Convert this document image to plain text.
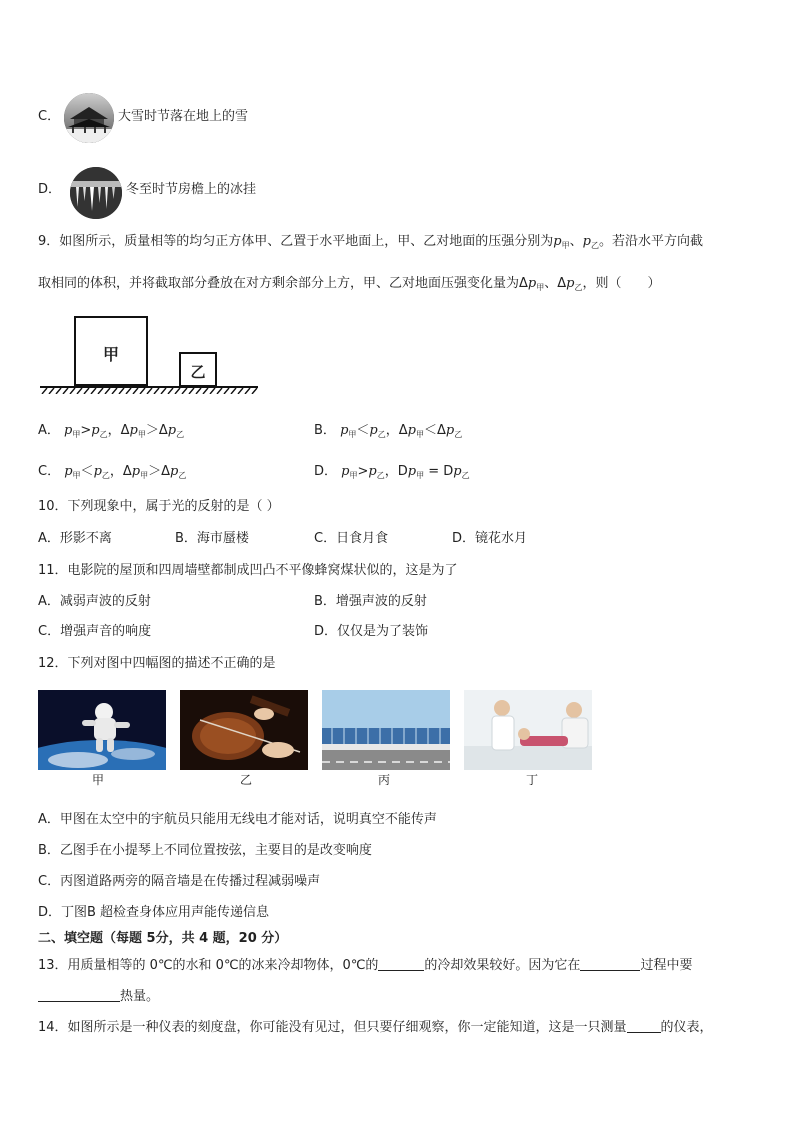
C．	大雪时节落在地上的雪
D．	冬至时节房檐上的冰挂
9．如图所示，质量相等的均匀正方体甲、乙置于水平地面上，甲、乙对地面的压强分别为$p_甲$、$p_乙$。若沿水平方向截
取相同的体积，并将截取部分叠放在对方剩余部分上方，甲、乙对地面压强变化量为$\Delta p_甲$、$\Delta p_乙$，则（　　）
甲
乙
A． $p_甲>p_乙$，$\Delta p_甲>\Delta p_乙$	B． $p_甲<p_乙$，$\Delta p_甲<\Delta p_乙$
C． $p_甲<p_乙$，$\Delta p_甲>\Delta p_乙$	D． $p_甲>p_乙$，$Dp_甲 = Dp_乙$
10．下列现象中，属于光的反射的是（ ）
A．形影不离	B．海市蜃楼	C．日食月食	D．镜花水月
11．电影院的屋顶和四周墙壁都制成凹凸不平像蜂窝煤状似的，这是为了
A．减弱声波的反射	B．增强声波的反射
C．增强声音的响度	D．仅仅是为了装饰
12．下列对图中四幅图的描述不正确的是
甲	乙	丙	丁
A．甲图在太空中的宇航员只能用无线电才能对话，说明真空不能传声
B．乙图手在小提琴上不同位置按弦，主要目的是改变响度
C．丙图道路两旁的隔音墙是在传播过程减弱噪声
D．丁图B 超检查身体应用声能传递信息
二、填空题（每题 5分，共 4 题，20 分）
13．用质量相等的 0℃的水和 0℃的冰来冷却物体，0℃的	的冷却效果较好。因为它在	过程中要
热量。
14．如图所示是一种仪表的刻度盘，你可能没有见过，但只要仔细观察，你一定能知道，这是一只测量	的仪表，
